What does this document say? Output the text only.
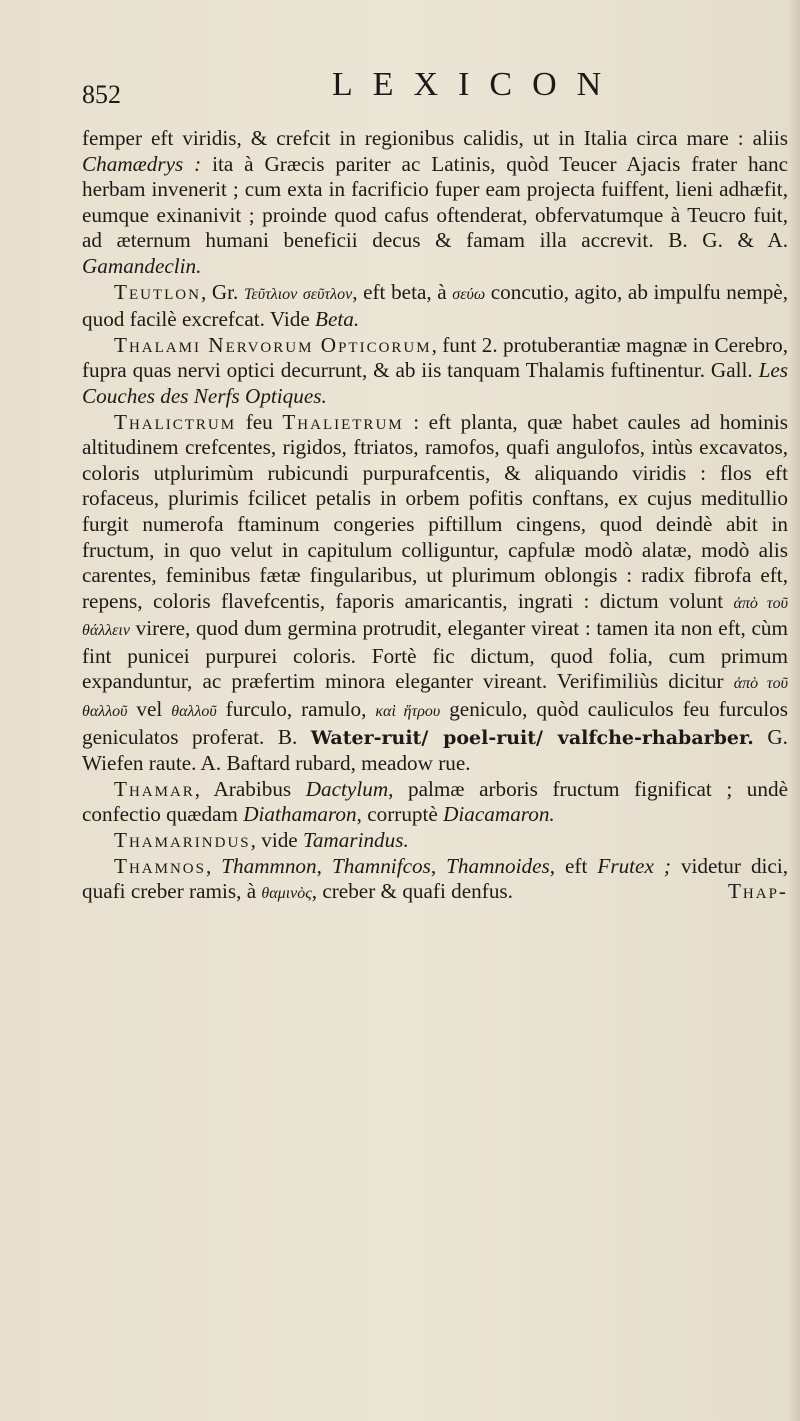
852	LEXICON

femper eft viridis, & crefcit in regionibus calidis, ut in Italia circa mare : aliis Chamædrys : ita à Græcis pariter ac Latinis, quòd Teucer Ajacis frater hanc herbam invenerit ; cum exta in facrificio fuper eam projecta fuiffent, lieni adhæfit, eumque exinanivit ; proinde quod cafus oftenderat, obfervatumque à Teucro fuit, ad æternum humani beneficii decus & famam illa accrevit. B. G. & A. Gamandeclin.

Teutlon, Gr. Τεῦτλιον σεῦτλον, eft beta, à σεύω concutio, agito, ab impulfu nempè, quod facilè excrefcat. Vide Beta.

Thalami Nervorum Opticorum, funt 2. protuberantiæ magnæ in Cerebro, fupra quas nervi optici decurrunt, & ab iis tanquam Thalamis fuftinentur. Gall. Les Couches des Nerfs Optiques.

Thalictrum feu Thalietrum : eft planta, quæ habet caules ad hominis altitudinem crefcentes, rigidos, ftriatos, ramofos, quafi angulofos, intùs excavatos, coloris utplurimùm rubicundi purpurafcentis, & aliquando viridis : flos eft rofaceus, plurimis fcilicet petalis in orbem pofitis conftans, ex cujus meditullio furgit numerofa ftaminum congeries piftillum cingens, quod deindè abit in fructum, in quo velut in capitulum colliguntur, capfulæ modò alatæ, modò alis carentes, feminibus fætæ fingularibus, ut plurimum oblongis : radix fibrofa eft, repens, coloris flavefcentis, faporis amaricantis, ingrati : dictum volunt ἀπὸ τοῦ θάλλειν virere, quod dum germina protrudit, eleganter vireat : tamen ita non eft, cùm fint punicei purpurei coloris. Fortè fic dictum, quod folia, cum primum expanduntur, ac præfertim minora eleganter vireant. Verifimiliùs dicitur ἀπὸ τοῦ θαλλοῦ vel θαλλοῦ furculo, ramulo, καὶ ἥτρου geniculo, quòd cauliculos feu furculos geniculatos proferat. B. Water-ruit/ poel-ruit/ valfche-rhabarber. G. Wiefen raute. A. Baftard rubard, meadow rue.

Thamar, Arabibus Dactylum, palmæ arboris fructum fignificat ; undè confectio quædam Diathamaron, corruptè Diacamaron.

Thamarindus, vide Tamarindus.

Thamnos, Thammnon, Thamnifcos, Thamnoides, eft Frutex ; videtur dici, quafi creber ramis, à θαμινὸς, creber & quafi denfus.	Thap-
